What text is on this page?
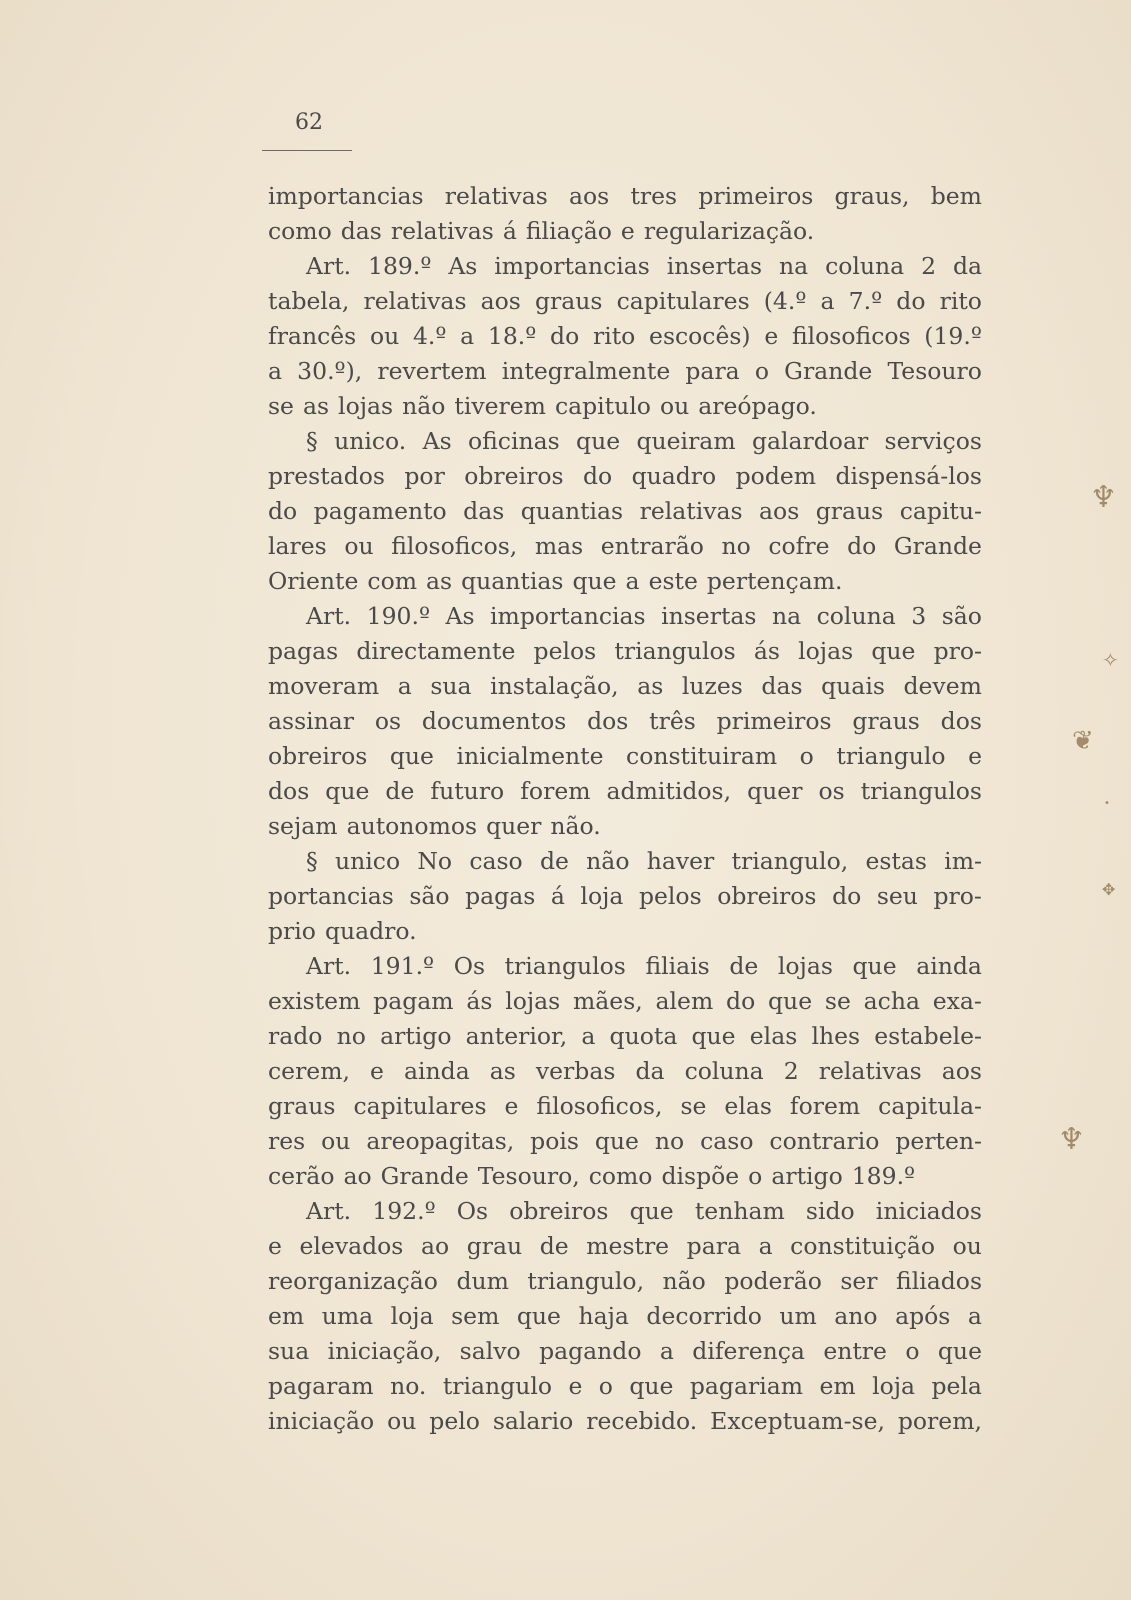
62
importancias relativas aos tres primeiros graus, bem
como das relativas á filiação e regularização.
Art. 189.º As importancias insertas na coluna 2 da
tabela, relativas aos graus capitulares (4.º a 7.º do rito
francês ou 4.º a 18.º do rito escocês) e filosoficos (19.º
a 30.º), revertem integralmente para o Grande Tesouro
se as lojas não tiverem capitulo ou areópago.
§ unico. As oficinas que queiram galardoar serviços
prestados por obreiros do quadro podem dispensá-los
do pagamento das quantias relativas aos graus capitu-
lares ou filosoficos, mas entrarão no cofre do Grande
Oriente com as quantias que a este pertençam.
Art. 190.º As importancias insertas na coluna 3 são
pagas directamente pelos triangulos ás lojas que pro-
moveram a sua instalação, as luzes das quais devem
assinar os documentos dos três primeiros graus dos
obreiros que inicialmente constituiram o triangulo e
dos que de futuro forem admitidos, quer os triangulos
sejam autonomos quer não.
§ unico No caso de não haver triangulo, estas im-
portancias são pagas á loja pelos obreiros do seu pro-
prio quadro.
Art. 191.º Os triangulos filiais de lojas que ainda
existem pagam ás lojas mães, alem do que se acha exa-
rado no artigo anterior, a quota que elas lhes estabele-
cerem, e ainda as verbas da coluna 2 relativas aos
graus capitulares e filosoficos, se elas forem capitula-
res ou areopagitas, pois que no caso contrario perten-
cerão ao Grande Tesouro, como dispõe o artigo 189.º
Art. 192.º Os obreiros que tenham sido iniciados
e elevados ao grau de mestre para a constituição ou
reorganização dum triangulo, não poderão ser filiados
em uma loja sem que haja decorrido um ano após a
sua iniciação, salvo pagando a diferença entre o que
pagaram no. triangulo e o que pagariam em loja pela
iniciação ou pelo salario recebido. Exceptuam-se, porem,
♆
✧
❦
•
✥
♆
